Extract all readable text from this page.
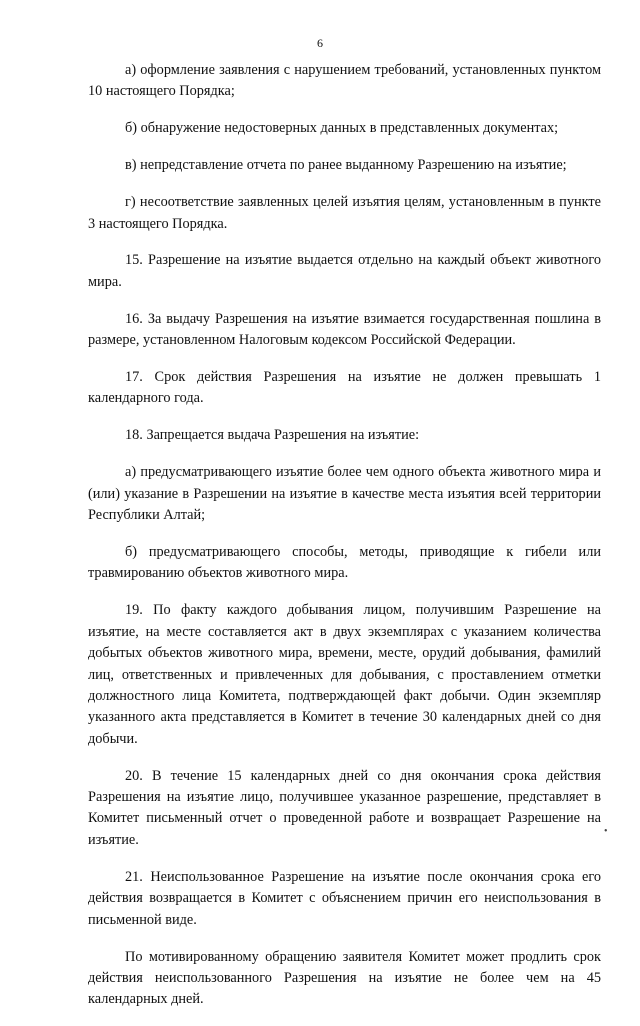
6

а) оформление заявления с нарушением требований, установленных пунктом 10 настоящего Порядка;

б) обнаружение недостоверных данных в представленных документах;

в) непредставление отчета по ранее выданному Разрешению на изъятие;

г) несоответствие заявленных целей изъятия целям, установленным в пункте 3 настоящего Порядка.

15. Разрешение на изъятие выдается отдельно на каждый объект животного мира.

16. За выдачу Разрешения на изъятие взимается государственная пошлина в размере, установленном Налоговым кодексом Российской Федерации.

17. Срок действия Разрешения на изъятие не должен превышать 1 календарного года.

18. Запрещается выдача Разрешения на изъятие:

а) предусматривающего изъятие более чем одного объекта животного мира и (или) указание в Разрешении на изъятие в качестве места изъятия всей территории Республики Алтай;

б) предусматривающего способы, методы, приводящие к гибели или травмированию объектов животного мира.

19. По факту каждого добывания лицом, получившим Разрешение на изъятие, на месте составляется акт в двух экземплярах с указанием количества добытых объектов животного мира, времени, месте, орудий добывания, фамилий лиц, ответственных и привлеченных для добывания, с проставлением отметки должностного лица Комитета, подтверждающей факт добычи. Один экземпляр указанного акта представляется в Комитет в течение 30 календарных дней со дня добычи.

20. В течение 15 календарных дней со дня окончания срока действия Разрешения на изъятие лицо, получившее указанное разрешение, представляет в Комитет письменный отчет о проведенной работе и возвращает Разрешение на изъятие.

21. Неиспользованное Разрешение на изъятие после окончания срока его действия возвращается в Комитет с объяснением причин его неиспользования в письменной виде.

По мотивированному обращению заявителя Комитет может продлить срок действия неиспользованного Разрешения на изъятие не более чем на 45 календарных дней.

•
